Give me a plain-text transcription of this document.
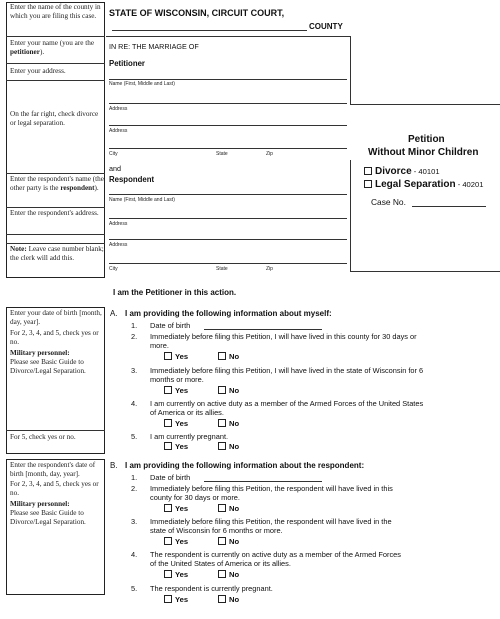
Enter the name of the county in which you are filing this case.
Enter your name (you are the petitioner).
Enter your address.
On the far right, check divorce or legal separation.
Enter the respondent's name (the other party is the respondent).
Enter the respondent's address.
Note: Leave case number blank; the clerk will add this.
STATE OF WISCONSIN, CIRCUIT COURT,
COUNTY
IN RE: THE MARRIAGE OF
Petitioner
Name (First, Middle and Last)
Address
Address
City	State	Zip
and
Respondent
Name (First, Middle and Last)
Address
Address
City	State	Zip
Petition
Without Minor Children
Divorce - 40101
Legal Separation - 40201
Case No.
I am the Petitioner in this action.
Enter your date of birth [month, day, year].
For 2, 3, 4, and 5, check yes or no.
Military personnel:
Please see Basic Guide to Divorce/Legal Separation.
For 5, check yes or no.
Enter the respondent's date of birth [month, day, year].
For 2, 3, 4, and 5, check yes or no.
Military personnel:
Please see Basic Guide to Divorce/Legal Separation.
A. I am providing the following information about myself:
1. Date of birth
2. Immediately before filing this Petition, I will have lived in this county for 30 days or
more.
Yes	No
3. Immediately before filing this Petition, I will have lived in the state of Wisconsin for 6
months or more.
Yes	No
4. I am currently on active duty as a member of the Armed Forces of the United States
of America or its allies.
Yes	No
5. I am currently pregnant.
Yes	No
B. I am providing the following information about the respondent:
1. Date of birth
2. Immediately before filing this Petition, the respondent will have lived in this
county for 30 days or more.
Yes	No
3. Immediately before filing this Petition, the respondent will have lived in the
state of Wisconsin for 6 months or more.
Yes	No
4. The respondent is currently on active duty as a member of the Armed Forces
of the United States of America or its allies.
Yes	No
5. The respondent is currently pregnant.
Yes	No
